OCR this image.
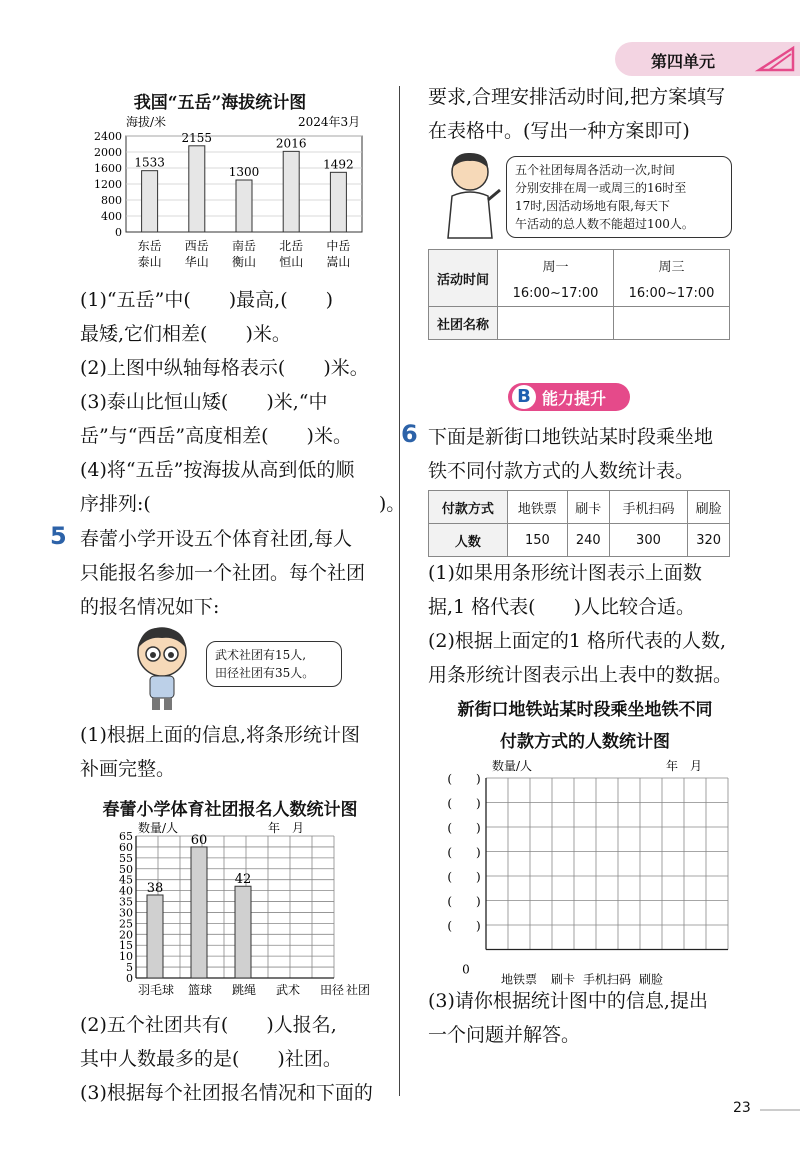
第四单元
我国“五岳”海拔统计图
海拔/米	2024年3月
2400
2000
1600
1200
800
400
0
1533
东岳
泰山
2155
西岳
华山
1300
南岳
衡山
2016
北岳
恒山
1492
中岳
嵩山
(1)“五岳”中(　　)最高,(　　)
最矮,它们相差(　　)米。
(2)上图中纵轴每格表示(　　)米。
(3)泰山比恒山矮(　　)米,“中
岳”与“西岳”高度相差(　　)米。
(4)将“五岳”按海拔从高到低的顺
序排列:(　　　　　　　　　　　　)。
5 春蕾小学开设五个体育社团,每人
只能报名参加一个社团。每个社团
的报名情况如下:
武术社团有15人,
田径社团有35人。
(1)根据上面的信息,将条形统计图
补画完整。
春蕾小学体育社团报名人数统计图
数量/人	年　月
65
60
55
50
45
40
35
30
25
20
15
10
5
0
38
羽毛球
60
篮球
42
跳绳 武术 田径 社团
(2)五个社团共有(　　)人报名,
其中人数最多的是(　　)社团。
(3)根据每个社团报名情况和下面的
要求,合理安排活动时间,把方案填写
在表格中。(写出一种方案即可)
五个社团每周各活动一次,时间
分别安排在周一或周三的16时至
17时,因活动场地有限,每天下
午活动的总人数不能超过100人。
活动时间	周一	周三
	16:00~17:00	16:00~17:00
社团名称		
B 能力提升
6 下面是新街口地铁站某时段乘坐地
铁不同付款方式的人数统计表。
付款方式	地铁票	刷卡	手机扫码	刷脸
人数	150	240	300	320
(1)如果用条形统计图表示上面数
据,1 格代表(　　)人比较合适。
(2)根据上面定的1 格所代表的人数,
用条形统计图表示出上表中的数据。
新街口地铁站某时段乘坐地铁不同
付款方式的人数统计图
数量/人	年　月
(　　)
(　　)
(　　)
(　　)
(　　)
(　　)
(　　)
0
地铁票 刷卡 手机扫码 刷脸
(3)请你根据统计图中的信息,提出
一个问题并解答。
23
